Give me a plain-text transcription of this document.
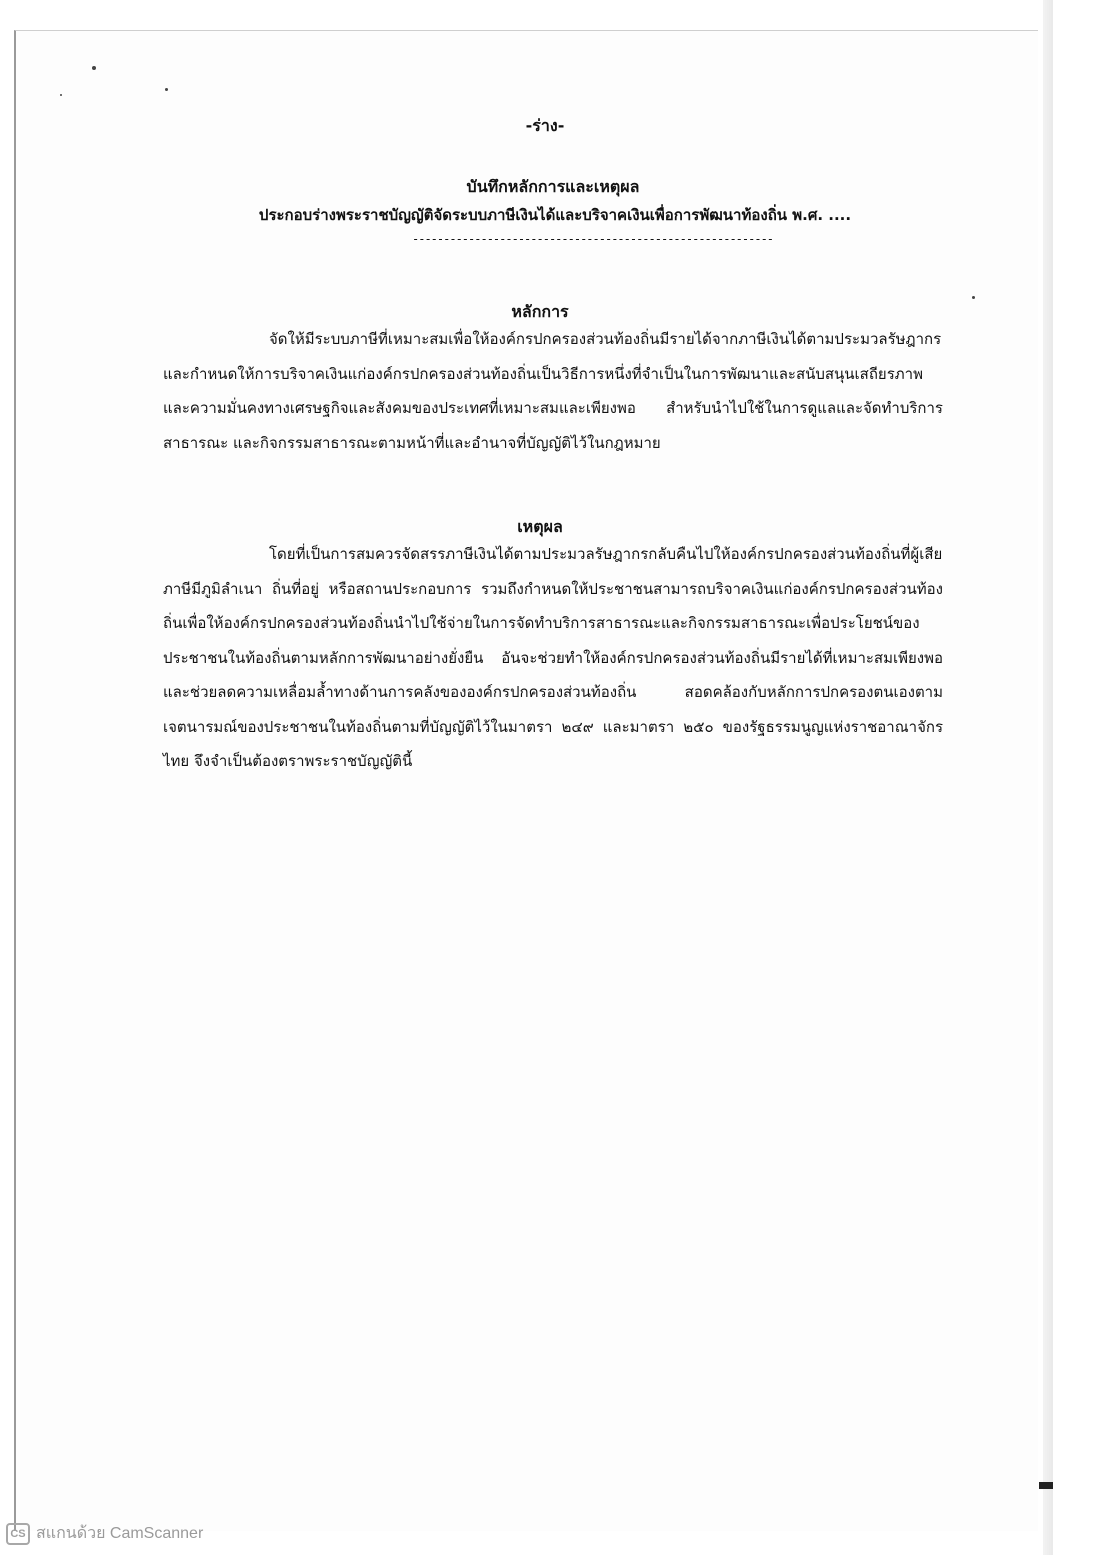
-ร่าง-
บันทึกหลักการและเหตุผล
ประกอบร่างพระราชบัญญัติจัดระบบภาษีเงินได้และบริจาคเงินเพื่อการพัฒนาท้องถิ่น พ.ศ. ....
----------------------------------------------------------
หลักการ
จัดให้มีระบบภาษีที่เหมาะสมเพื่อให้องค์กรปกครองส่วนท้องถิ่นมีรายได้จากภาษีเงินได้ตามประมวลรัษฎากร และกำหนดให้การบริจาคเงินแก่องค์กรปกครองส่วนท้องถิ่นเป็นวิธีการหนึ่งที่จำเป็นในการพัฒนาและสนับสนุนเสถียรภาพและความมั่นคงทางเศรษฐกิจและสังคมของประเทศที่เหมาะสมและเพียงพอ สำหรับนำไปใช้ในการดูแลและจัดทำบริการสาธารณะ และกิจกรรมสาธารณะตามหน้าที่และอำนาจที่บัญญัติไว้ในกฎหมาย
เหตุผล
โดยที่เป็นการสมควรจัดสรรภาษีเงินได้ตามประมวลรัษฎากรกลับคืนไปให้องค์กรปกครองส่วนท้องถิ่นที่ผู้เสียภาษีมีภูมิลำเนา ถิ่นที่อยู่ หรือสถานประกอบการ รวมถึงกำหนดให้ประชาชนสามารถบริจาคเงินแก่องค์กรปกครองส่วนท้องถิ่นเพื่อให้องค์กรปกครองส่วนท้องถิ่นนำไปใช้จ่ายในการจัดทำบริการสาธารณะและกิจกรรมสาธารณะเพื่อประโยชน์ของประชาชนในท้องถิ่นตามหลักการพัฒนาอย่างยั่งยืน อันจะช่วยทำให้องค์กรปกครองส่วนท้องถิ่นมีรายได้ที่เหมาะสมเพียงพอ และช่วยลดความเหลื่อมล้ำทางด้านการคลังขององค์กรปกครองส่วนท้องถิ่น สอดคล้องกับหลักการปกครองตนเองตามเจตนารมณ์ของประชาชนในท้องถิ่นตามที่บัญญัติไว้ในมาตรา ๒๔๙ และมาตรา ๒๕๐ ของรัฐธรรมนูญแห่งราชอาณาจักรไทย จึงจำเป็นต้องตราพระราชบัญญัตินี้
CS สแกนด้วย CamScanner
